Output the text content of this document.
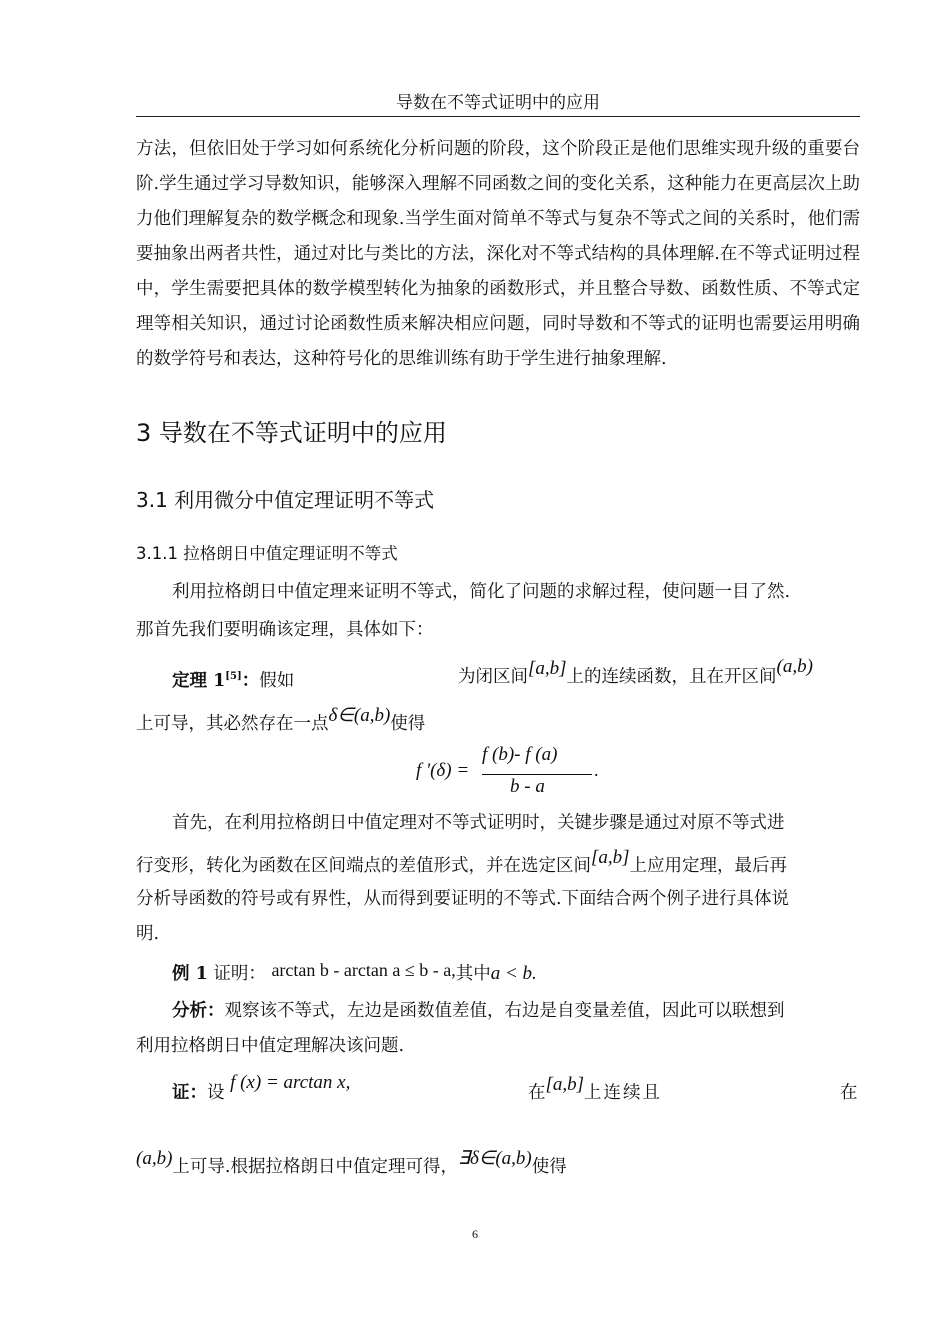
导数在不等式证明中的应用
方法，但依旧处于学习如何系统化分析问题的阶段，这个阶段正是他们思维实现升级的重要台阶.学生通过学习导数知识，能够深入理解不同函数之间的变化关系，这种能力在更高层次上助力他们理解复杂的数学概念和现象.当学生面对简单不等式与复杂不等式之间的关系时，他们需要抽象出两者共性，通过对比与类比的方法，深化对不等式结构的具体理解.在不等式证明过程中，学生需要把具体的数学模型转化为抽象的函数形式，并且整合导数、函数性质、不等式定理等相关知识，通过讨论函数性质来解决相应问题，同时导数和不等式的证明也需要运用明确的数学符号和表达，这种符号化的思维训练有助于学生进行抽象理解.
3 导数在不等式证明中的应用
3.1 利用微分中值定理证明不等式
3.1.1 拉格朗日中值定理证明不等式
利用拉格朗日中值定理来证明不等式，简化了问题的求解过程，使问题一目了然.
那首先我们要明确该定理，具体如下：
定理 1[5]：假如	为闭区间[a,b]上的连续函数，且在开区间(a,b)
上可导，其必然存在一点δ∈(a,b)使得
f '(δ) =
f (b)- f (a)
b - a
.
首先，在利用拉格朗日中值定理对不等式证明时，关键步骤是通过对原不等式进
行变形，转化为函数在区间端点的差值形式，并在选定区间[a,b]上应用定理，最后再
分析导函数的符号或有界性，从而得到要证明的不等式.下面结合两个例子进行具体说
明.
例 1 证明： arctan b - arctan a ≤ b - a,其中a < b.
分析：观察该不等式，左边是函数值差值，右边是自变量差值，因此可以联想到
利用拉格朗日中值定理解决该问题.
证：设 f (x) = arctan x,	在[a,b]上连续且	在
(a,b)上可导.根据拉格朗日中值定理可得，∃δ∈(a,b)使得
6
